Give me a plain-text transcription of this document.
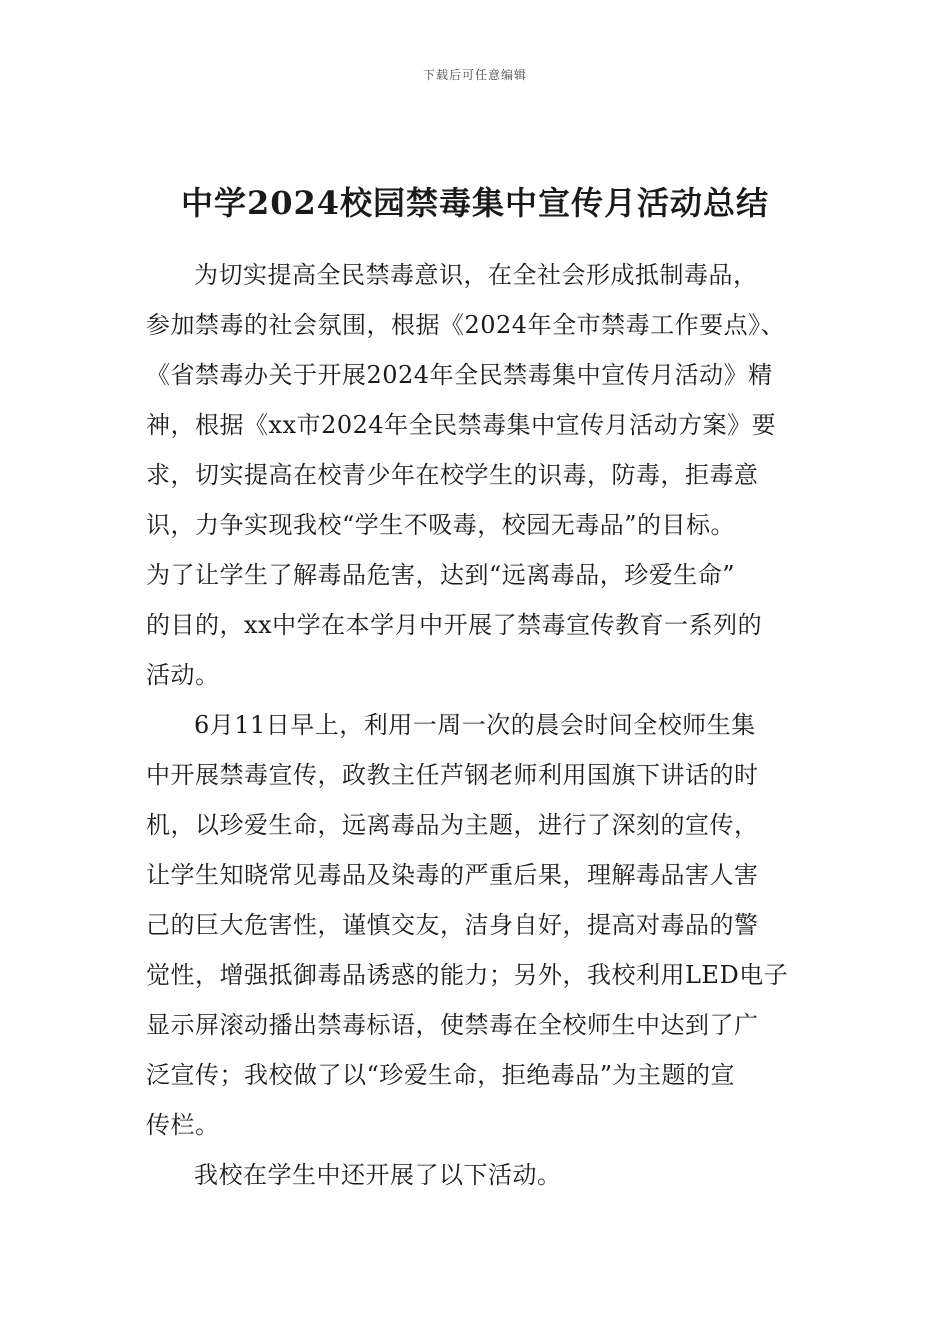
下载后可任意编辑
中学2024校园禁毒集中宣传月活动总结
为切实提高全民禁毒意识，在全社会形成抵制毒品，
参加禁毒的社会氛围，根据《2024年全市禁毒工作要点》、
《省禁毒办关于开展2024年全民禁毒集中宣传月活动》精
神，根据《xx市2024年全民禁毒集中宣传月活动方案》要
求，切实提高在校青少年在校学生的识毒，防毒，拒毒意
识，力争实现我校“学生不吸毒，校园无毒品”的目标。
为了让学生了解毒品危害，达到“远离毒品，珍爱生命”
的目的，xx中学在本学月中开展了禁毒宣传教育一系列的
活动。
6月11日早上，利用一周一次的晨会时间全校师生集
中开展禁毒宣传，政教主任芦钢老师利用国旗下讲话的时
机，以珍爱生命，远离毒品为主题，进行了深刻的宣传，
让学生知晓常见毒品及染毒的严重后果，理解毒品害人害
己的巨大危害性，谨慎交友，洁身自好，提高对毒品的警
觉性，增强抵御毒品诱惑的能力；另外，我校利用LED电子
显示屏滚动播出禁毒标语，使禁毒在全校师生中达到了广
泛宣传；我校做了以“珍爱生命，拒绝毒品”为主题的宣
传栏。
我校在学生中还开展了以下活动。
